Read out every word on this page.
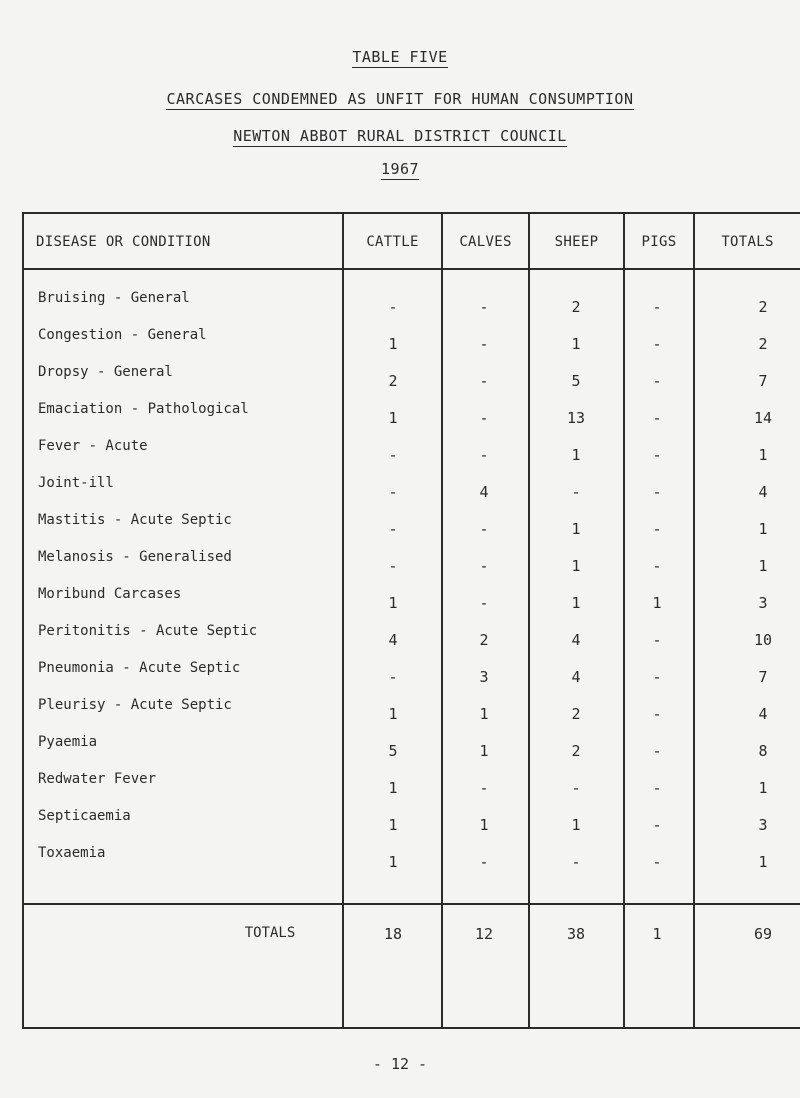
TABLE FIVE
CARCASES CONDEMNED AS UNFIT FOR HUMAN CONSUMPTION
NEWTON ABBOT RURAL DISTRICT COUNCIL
1967
DISEASE OR CONDITION	CATTLE	CALVES	SHEEP	PIGS	TOTALS
Bruising - General	-	-	2	-	2
Congestion - General	1	-	1	-	2
Dropsy - General	2	-	5	-	7
Emaciation - Pathological	1	-	13	-	14
Fever - Acute	-	-	1	-	1
Joint-ill	-	4	-	-	4
Mastitis - Acute Septic	-	-	1	-	1
Melanosis - Generalised	-	-	1	-	1
Moribund Carcases	1	-	1	1	3
Peritonitis - Acute Septic	4	2	4	-	10
Pneumonia - Acute Septic	-	3	4	-	7
Pleurisy - Acute Septic	1	1	2	-	4
Pyaemia	5	1	2	-	8
Redwater Fever	1	-	-	-	1
Septicaemia	1	1	1	-	3
Toxaemia	1	-	-	-	1
TOTALS	18	12	38	1	69
- 12 -
